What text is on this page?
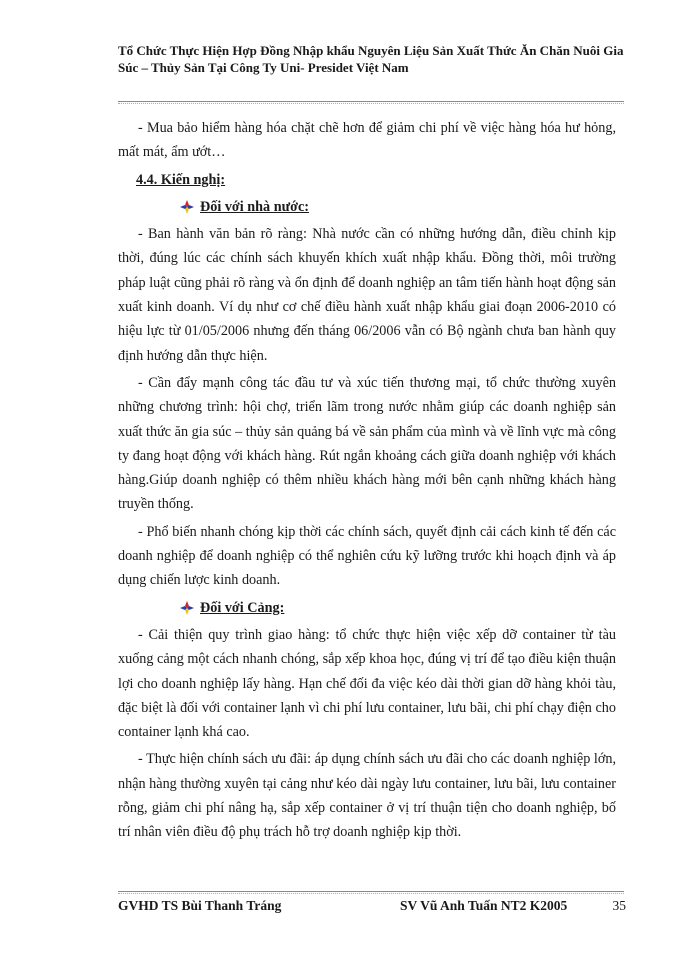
Tổ Chức Thực Hiện Hợp Đồng Nhập khẩu Nguyên Liệu Sản Xuất Thức Ăn Chăn Nuôi Gia Súc – Thủy Sản Tại Công Ty Uni- Presidet Việt Nam

- Mua bảo hiểm hàng hóa chặt chẽ hơn để giảm chi phí về việc hàng hóa hư hỏng, mất mát, ẩm ướt…

4.4. Kiến nghị:

Đối với nhà nước:

- Ban hành văn bản rõ ràng: Nhà nước cần có những hướng dẫn, điều chỉnh kịp thời, đúng lúc các chính sách khuyến khích xuất nhập khẩu. Đồng thời, môi trường pháp luật cũng phải rõ ràng và ổn định để doanh nghiệp an tâm tiến hành hoạt động sản xuất kinh doanh. Ví dụ như cơ chế điều hành xuất nhập khẩu giai đoạn 2006-2010 có hiệu lực từ 01/05/2006 nhưng đến tháng 06/2006 vẫn có Bộ ngành chưa ban hành quy định hướng dẫn thực hiện.

- Cần đẩy mạnh công tác đầu tư và xúc tiến thương mại, tổ chức thường xuyên những chương trình: hội chợ, triển lãm trong nước nhằm giúp các doanh nghiệp sản xuất thức ăn gia súc – thủy sản quảng bá về sản phẩm của mình và về lĩnh vực mà công ty đang hoạt động với khách hàng. Rút ngắn khoảng cách giữa doanh nghiệp với khách hàng.Giúp doanh nghiệp có thêm nhiều khách hàng mới bên cạnh những khách hàng truyền thống.

- Phổ biến nhanh chóng kịp thời các chính sách, quyết định cải cách kinh tế đến các doanh nghiệp để doanh nghiệp có thể nghiên cứu kỹ lưỡng trước khi hoạch định và áp dụng chiến lược kinh doanh.

Đối với Cảng:

- Cải thiện quy trình giao hàng: tổ chức thực hiện việc xếp dỡ container từ tàu xuống cảng một cách nhanh chóng, sắp xếp khoa học, đúng vị trí để tạo điều kiện thuận lợi cho doanh nghiệp lấy hàng. Hạn chế đối đa việc kéo dài thời gian dỡ hàng khỏi tàu, đặc biệt là đối với container lạnh vì chi phí lưu container, lưu bãi, chi phí chạy điện cho container lạnh khá cao.

- Thực hiện chính sách ưu đãi: áp dụng chính sách ưu đãi cho các doanh nghiệp lớn, nhận hàng thường xuyên tại cảng như kéo dài ngày lưu container, lưu bãi, lưu container rỗng, giảm chi phí nâng hạ, sắp xếp container ở vị trí thuận tiện cho doanh nghiệp, bố trí nhân viên điều độ phụ trách hỗ trợ doanh nghiệp kịp thời.

GVHD TS Bùi Thanh Tráng	SV Vũ Anh Tuấn NT2 K2005	35
